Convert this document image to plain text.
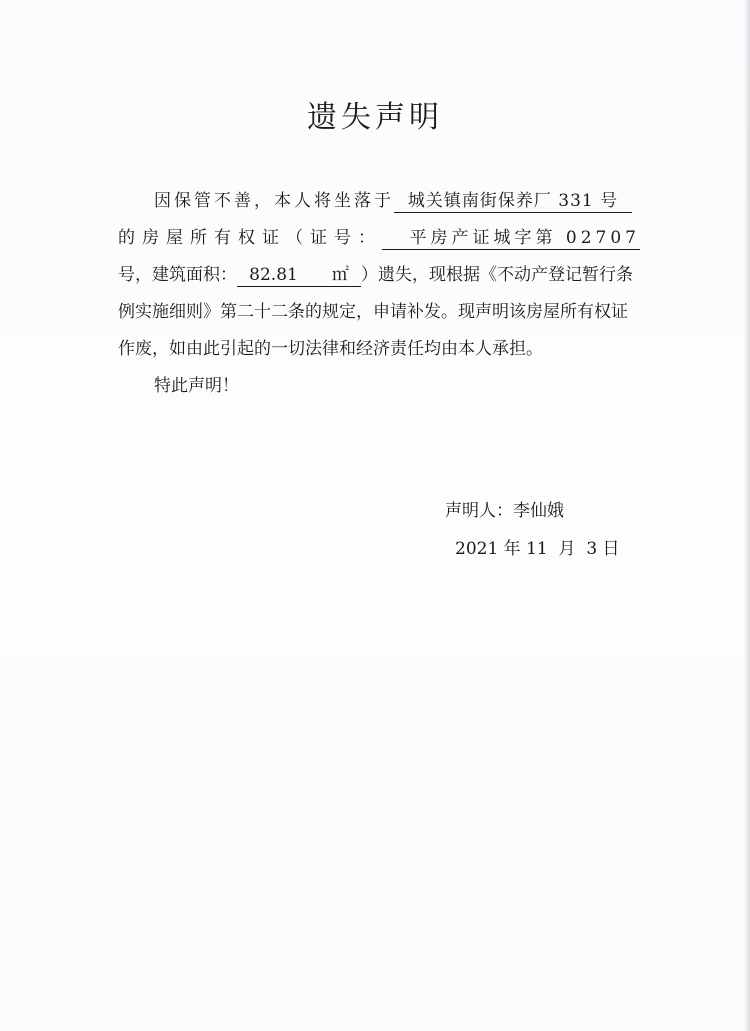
遗失声明
因保管不善，本人将坐落于 城关镇南街保养厂 331 号
的房屋所有权证（证号： 平房产证城字第 02707
号，建筑面积： 82.81 ㎡ ）遗失，现根据《不动产登记暂行条
例实施细则》第二十二条的规定，申请补发。现声明该房屋所有权证
作废，如由此引起的一切法律和经济责任均由本人承担。
特此声明！
声明人：李仙娥
2021 年 11  月  3 日
